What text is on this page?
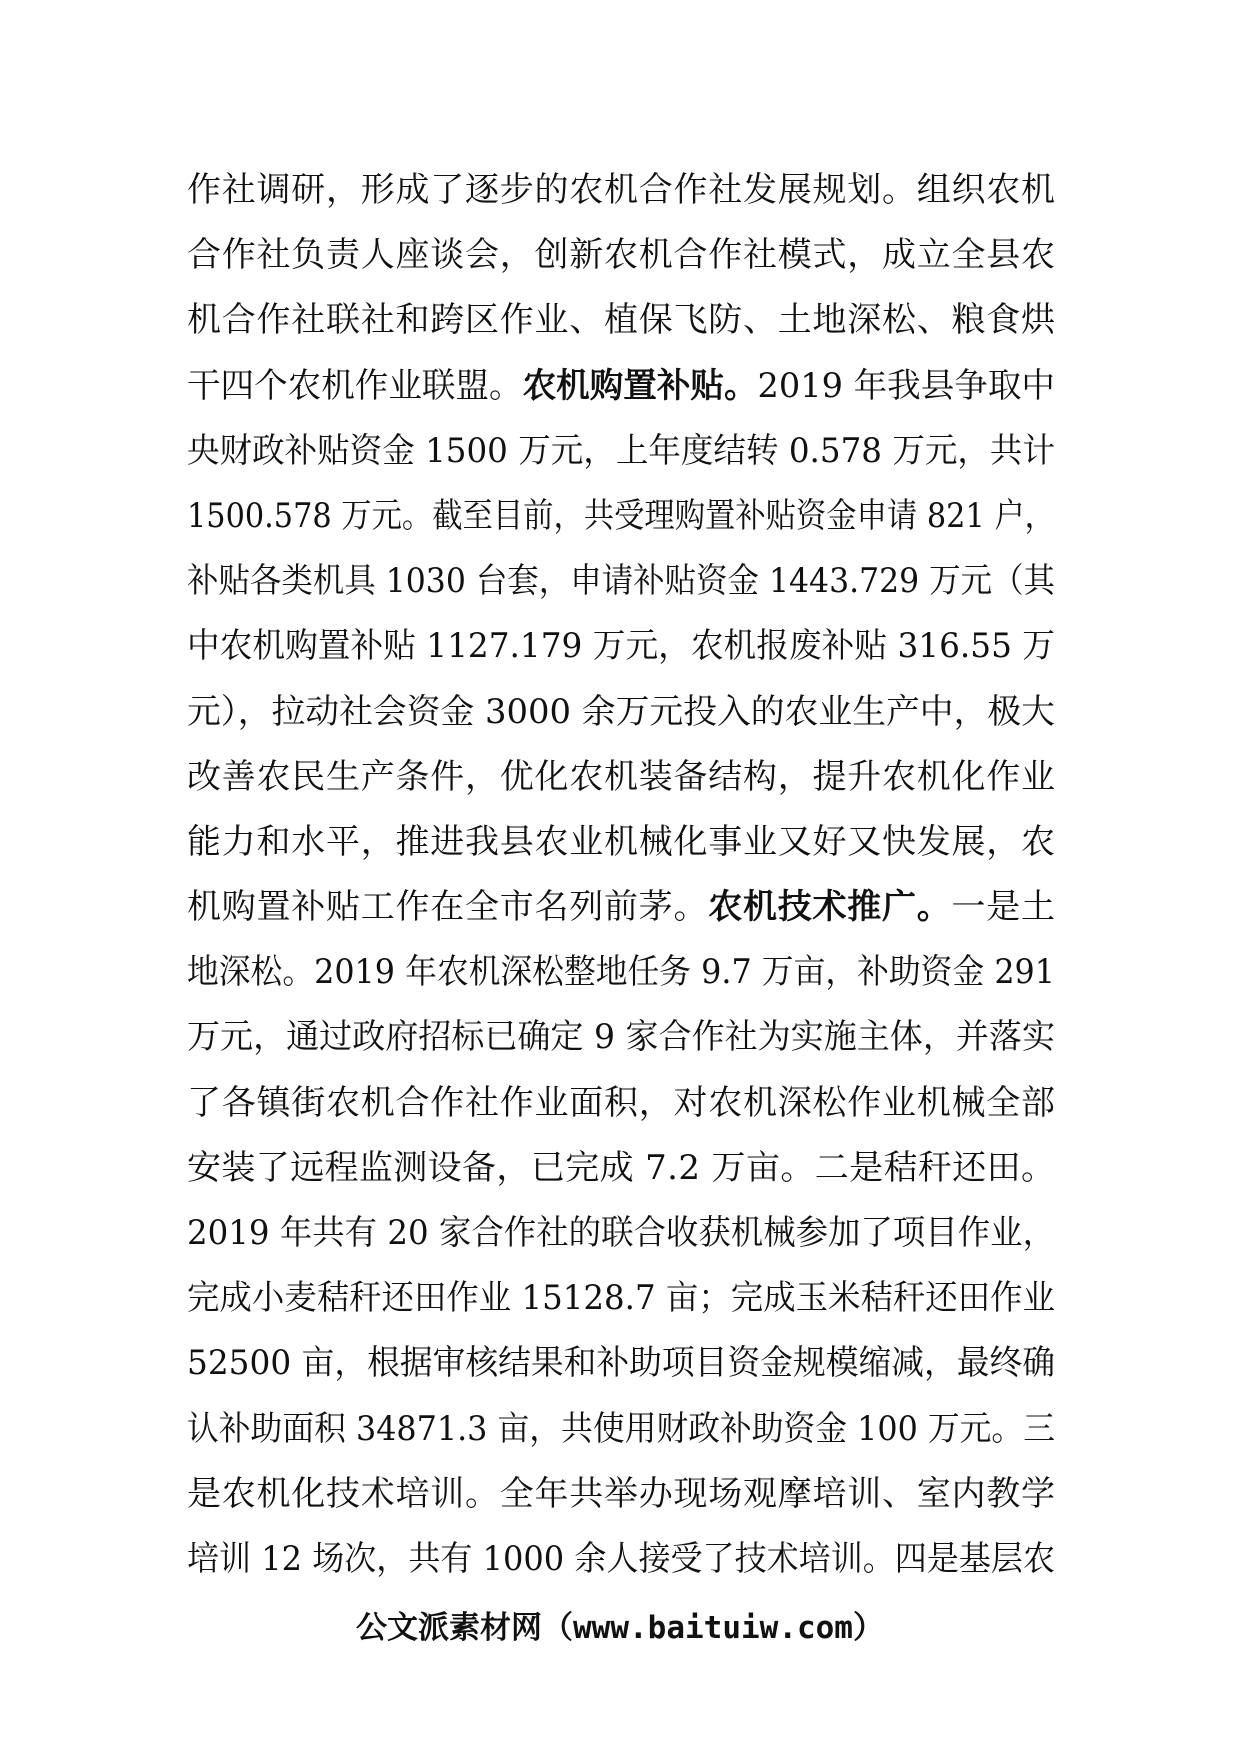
作社调研，形成了逐步的农机合作社发展规划。组织农机
合作社负责人座谈会，创新农机合作社模式，成立全县农
机合作社联社和跨区作业、植保飞防、土地深松、粮食烘
干四个农机作业联盟。农机购置补贴。2019 年我县争取中
央财政补贴资金 1500 万元，上年度结转 0.578 万元，共计
1500.578 万元。截至目前，共受理购置补贴资金申请 821 户，
补贴各类机具 1030 台套，申请补贴资金 1443.729 万元（其
中农机购置补贴 1127.179 万元，农机报废补贴 316.55 万
元），拉动社会资金 3000 余万元投入的农业生产中，极大
改善农民生产条件，优化农机装备结构，提升农机化作业
能力和水平，推进我县农业机械化事业又好又快发展，农
机购置补贴工作在全市名列前茅。农机技术推广。一是土
地深松。2019 年农机深松整地任务 9.7 万亩，补助资金 291
万元，通过政府招标已确定 9 家合作社为实施主体，并落实
了各镇街农机合作社作业面积，对农机深松作业机械全部
安装了远程监测设备，已完成 7.2 万亩。二是秸秆还田。
2019 年共有 20 家合作社的联合收获机械参加了项目作业，
完成小麦秸秆还田作业 15128.7 亩；完成玉米秸秆还田作业
52500 亩，根据审核结果和补助项目资金规模缩减，最终确
认补助面积 34871.3 亩，共使用财政补助资金 100 万元。三
是农机化技术培训。全年共举办现场观摩培训、室内教学
培训 12 场次，共有 1000 余人接受了技术培训。四是基层农
公文派素材网（www.baituiw.com）
